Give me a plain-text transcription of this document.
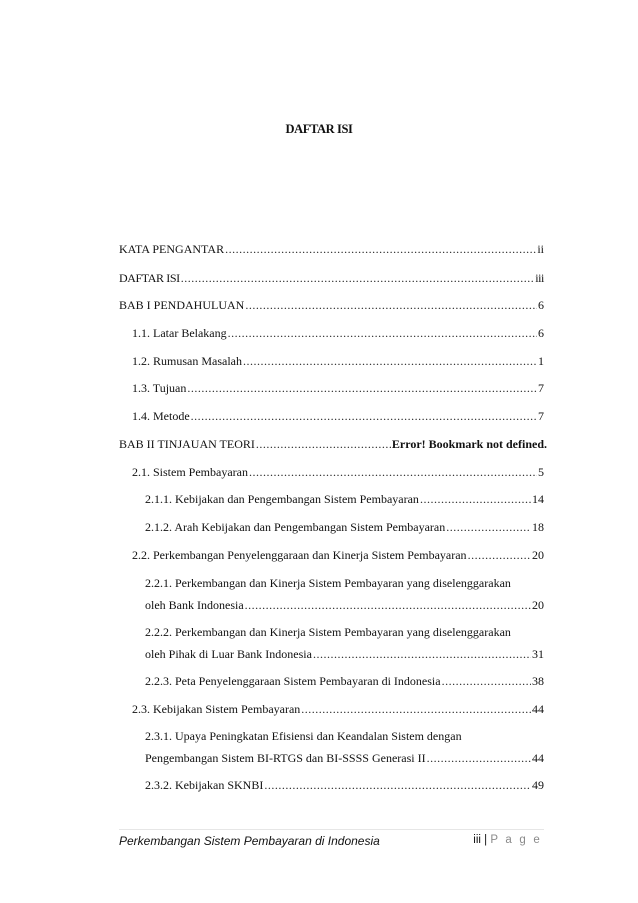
DAFTAR ISI
KATA PENGANTAR .....	ii
DAFTAR ISI .....	iii
BAB I PENDAHULUAN .....	6
1.1. Latar Belakang .....	6
1.2. Rumusan Masalah .....	1
1.3. Tujuan .....	7
1.4. Metode .....	7
BAB II TINJAUAN TEORI .....	Error! Bookmark not defined.
2.1. Sistem Pembayaran .....	5
2.1.1. Kebijakan dan Pengembangan Sistem Pembayaran .....	14
2.1.2. Arah Kebijakan dan Pengembangan Sistem Pembayaran .....	18
2.2. Perkembangan Penyelenggaraan dan Kinerja Sistem Pembayaran .....	20
2.2.1. Perkembangan dan Kinerja Sistem Pembayaran yang diselenggarakan
oleh Bank Indonesia .....	20
2.2.2. Perkembangan dan Kinerja Sistem Pembayaran yang diselenggarakan
oleh Pihak di Luar Bank Indonesia .....	31
2.2.3. Peta Penyelenggaraan Sistem Pembayaran di Indonesia .....	38
2.3. Kebijakan Sistem Pembayaran .....	44
2.3.1. Upaya Peningkatan Efisiensi dan Keandalan Sistem dengan
Pengembangan Sistem BI-RTGS dan BI-SSSS Generasi II .....	44
2.3.2. Kebijakan SKNBI .....	49
Perkembangan Sistem Pembayaran di Indonesia	iii | P a g e
